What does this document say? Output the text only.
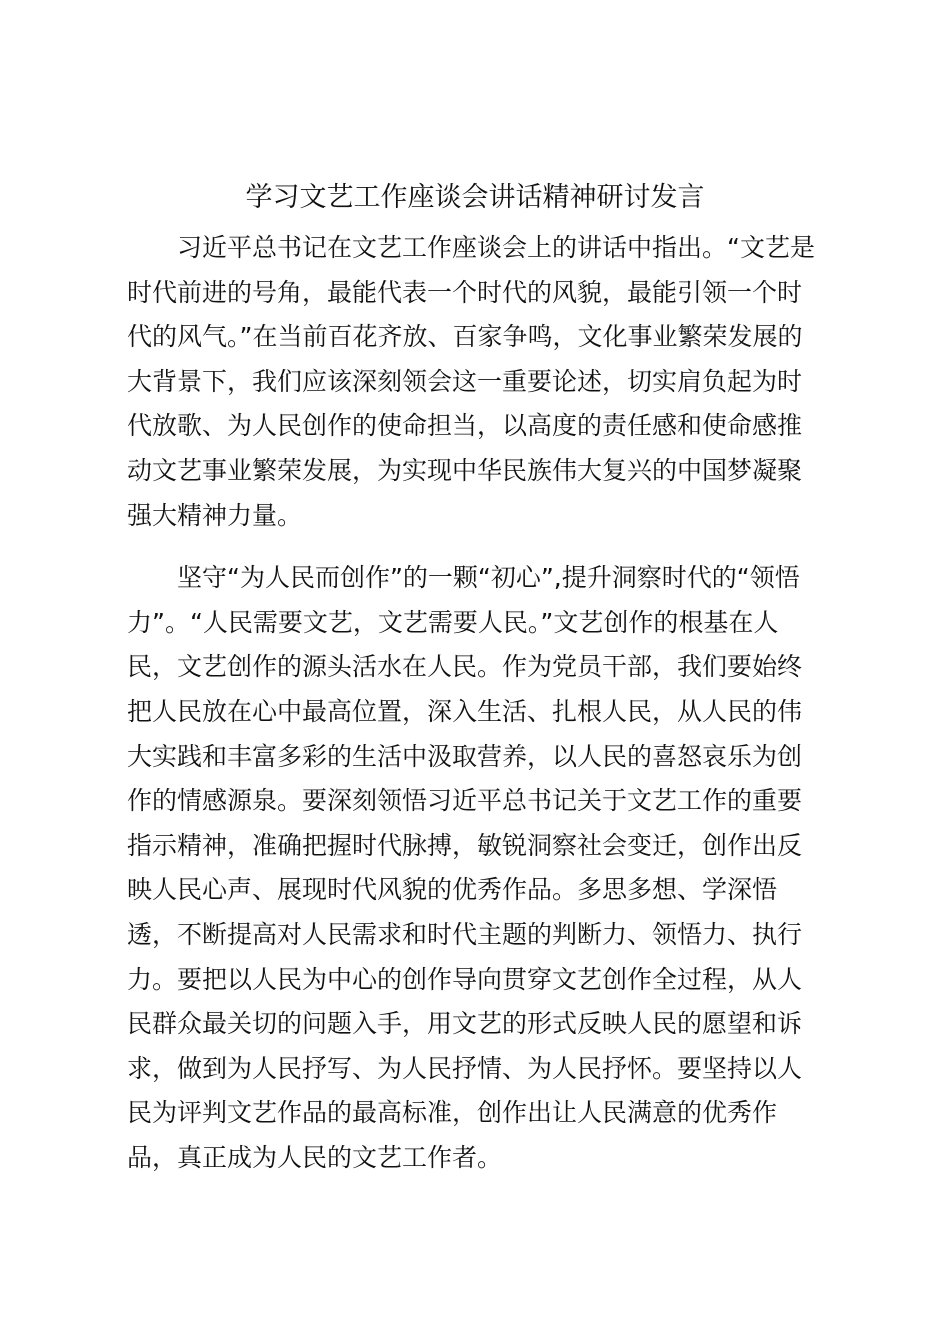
学习文艺工作座谈会讲话精神研讨发言
　　习近平总书记在文艺工作座谈会上的讲话中指出。“文艺是
时代前进的号角，最能代表一个时代的风貌，最能引领一个时
代的风气。”在当前百花齐放、百家争鸣，文化事业繁荣发展的
大背景下，我们应该深刻领会这一重要论述，切实肩负起为时
代放歌、为人民创作的使命担当，以高度的责任感和使命感推
动文艺事业繁荣发展，为实现中华民族伟大复兴的中国梦凝聚
强大精神力量。
　　坚守“为人民而创作”的一颗“初心”,提升洞察时代的“领悟
力”。“人民需要文艺，文艺需要人民。”文艺创作的根基在人
民，文艺创作的源头活水在人民。作为党员干部，我们要始终
把人民放在心中最高位置，深入生活、扎根人民，从人民的伟
大实践和丰富多彩的生活中汲取营养，以人民的喜怒哀乐为创
作的情感源泉。要深刻领悟习近平总书记关于文艺工作的重要
指示精神，准确把握时代脉搏，敏锐洞察社会变迁，创作出反
映人民心声、展现时代风貌的优秀作品。多思多想、学深悟
透，不断提高对人民需求和时代主题的判断力、领悟力、执行
力。要把以人民为中心的创作导向贯穿文艺创作全过程，从人
民群众最关切的问题入手，用文艺的形式反映人民的愿望和诉
求，做到为人民抒写、为人民抒情、为人民抒怀。要坚持以人
民为评判文艺作品的最高标准，创作出让人民满意的优秀作
品，真正成为人民的文艺工作者。
